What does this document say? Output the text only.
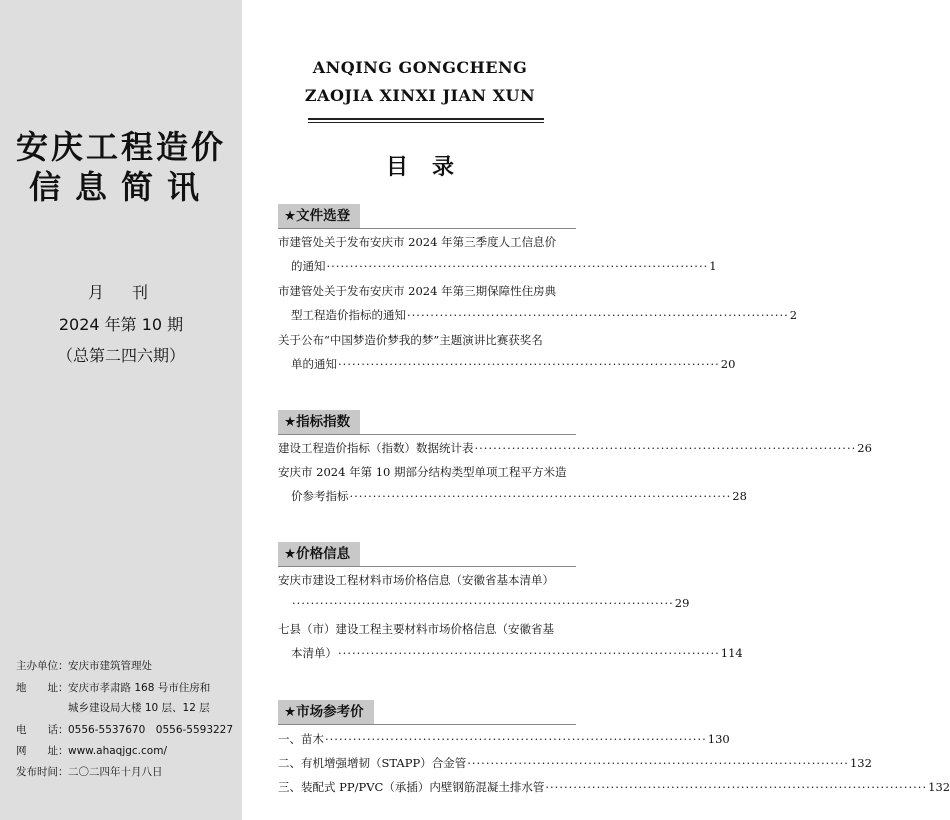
安庆工程造价
信息简讯
月　刊
2024 年第 10 期
（总第二四六期）
主办单位：安庆市建筑管理处
地　　址：安庆市孝肃路 168 号市住房和
城乡建设局大楼 10 层、12 层
电　　话：0556-5537670　0556-5593227
网　　址：www.ahaqjgc.com/
发布时间：二〇二四年十月八日
ANQING GONGCHENG
ZAOJIA XINXI JIAN XUN
目录
★文件选登
市建管处关于发布安庆市 2024 年第三季度人工信息价
的通知 ·················································································· 1
市建管处关于发布安庆市 2024 年第三期保障性住房典
型工程造价指标的通知 ·················································································· 2
关于公布“中国梦造价梦我的梦”主题演讲比赛获奖名
单的通知 ·················································································· 20
★指标指数
建设工程造价指标（指数）数据统计表 ·················································································· 26
安庆市 2024 年第 10 期部分结构类型单项工程平方米造
价参考指标 ·················································································· 28
★价格信息
安庆市建设工程材料市场价格信息（安徽省基本清单）
·················································································· 29
七县（市）建设工程主要材料市场价格信息（安徽省基
本清单） ·················································································· 114
★市场参考价
一、苗木 ·················································································· 130
二、有机增强增韧（STAPP）合金管 ·················································································· 132
三、装配式 PP/PVC（承插）内壁钢筋混凝土排水管 ·················································································· 132
